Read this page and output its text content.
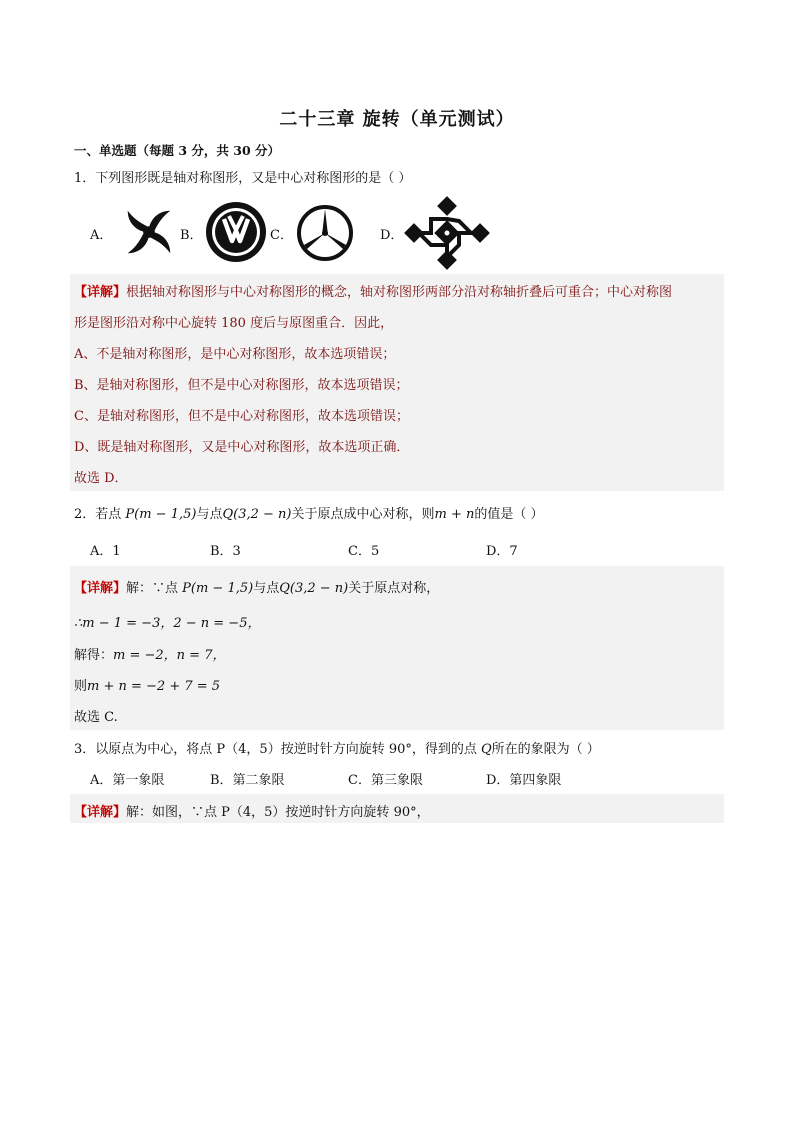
二十三章 旋转（单元测试）
一、单选题（每题 3 分，共 30 分）
1．下列图形既是轴对称图形，又是中心对称图形的是（ ）
A．	B．	C．	D．
【详解】根据轴对称图形与中心对称图形的概念，轴对称图形两部分沿对称轴折叠后可重合；中心对称图
形是图形沿对称中心旋转 180 度后与原图重合．因此，
A、不是轴对称图形，是中心对称图形，故本选项错误；
B、是轴对称图形，但不是中心对称图形，故本选项错误；
C、是轴对称图形，但不是中心对称图形，故本选项错误；
D、既是轴对称图形，又是中心对称图形，故本选项正确．
故选 D．
2．若点 P(m − 1,5)与点Q(3,2 − n)关于原点成中心对称，则m + n的值是（ ）
A．1	B．3	C．5	D．7
【详解】解：∵点 P(m − 1,5)与点Q(3,2 − n)关于原点对称，
∴m − 1 = −3，2 − n = −5，
解得：m = −2，n = 7，
则m + n = −2 + 7 = 5
故选 C.
3．以原点为中心，将点 P（4，5）按逆时针方向旋转 90°，得到的点 Q所在的象限为（ ）
A．第一象限	B．第二象限	C．第三象限	D．第四象限
【详解】解：如图，∵点 P（4，5）按逆时针方向旋转 90°，
